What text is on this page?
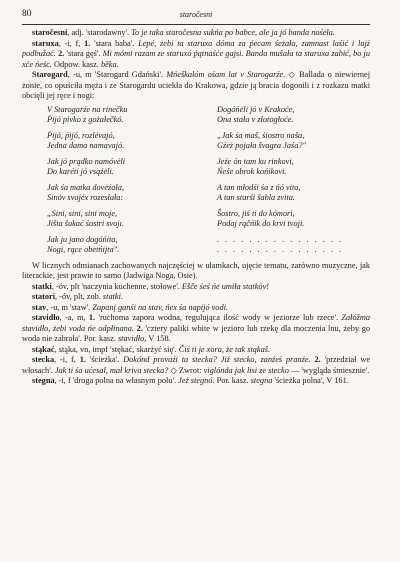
80	staročesni

staročesni, adj. 'starodawny'. To je taka staročesna sukńa po babce, ale ja jó banda nośėła.

staruxa, -i, f, 1. 'stara baba'. Lepé, żebi ta staruxa dóma za ṕecam śeżała, zamnast laśić i lujź podbužać. 2. 'stara gęś'. Mi mómi razam ze staruxó ṕątnaśće gajsi. Banda mušała ta staruxa zabić, bo ju xće ńeśc. Odpow. kasz. běka.

Starogard, -u, m 'Starogard Gdański'. Mńeškalóm ośam lat v Starogarźe. ◇ Ballada o niewiernej żonie, co opuściła męża i ze Starogardu uciekła do Krakowa, gdzie ją bracia dogonili i z rozkazu matki obcięli jej ręce i nogi:

V Starogarźe na rinečku
Ṕijó pivko z gożałečkó.
Dogóńėli jó v Krakoće,
Ona stała v złotogłoće.
Ṕijó, ṕijó, rozlévajó,
Jedna dama namavajó.
„Jak śa maš, śiostro naša,
Gźeż pojała švagra Jaśa?"
Jak jó prądko namóvėli
Do karéti jó vsąźėli.
Jeźe ón tam ku rinkovi,
Ńeśe obrok końikovi.
Jak śa matka dovėźała,
Sinóv svojéx rozesłała:
A tan młodśi śa z ńó vita,
A tan starśi šabla zvita.
„Sini, sini, sini moje,
Jišta šukać śostri svojı.
Šostro, jiś ti do kómori,
Podaj rąčńik do krvi tvoji.
Jak ju jano dogóńita,
Nogi, rące obetńijta".
. . . . . . . . . . . . . . . .
. . . . . . . . . . . . . . . .

W licznych odmianach zachowanych najczęściej w ułamkach, ujęcie tematu, zarówno muzyczne, jak literackie, jest prawie to samo (Jadwiga Noga, Osie).

statki, -óv, plt 'naczynia kuchenne, stołowe'. Ešče śeś ńe umiła statkóv!

statori, -óv, plt, zob. statki.

stav, -u, m 'staw'. Zapanį ganśi na stav, ńex śa napijó vodi.

stavidło, -a, m, 1. 'ruchoma zapora wodna, regulująca ilość wody w jeziorze lub rzece'. Załóžma stavidło, żebi voda ńe odpłinana. 2. 'cztery paliki wbite w jezioro lub rzekę dla moczenia lnu, żeby go woda nie zabrała'. Por. kasz. stavidło, V 158.

stąkać, stąka, vn, impf 'stękać, skarżyć się'. Čiś ti je xora, że tak stąkaš.

stecka, -i, f, 1. 'ścieżka'. Dokónd provaźi ta stecka? Jiź stecko, zanźeś pranźe. 2. 'przedział we włosach'. Jak ti śa ućesał, mał kriva stecka? ◇ Zwrot: viglónda jak lisi ze stecko — 'wygląda śmiesznie'.

stegna, -i, f 'droga polna na własnym polu'. Jeż stegnó. Por. kasz. stegna 'ścieżka polna', V 161.
